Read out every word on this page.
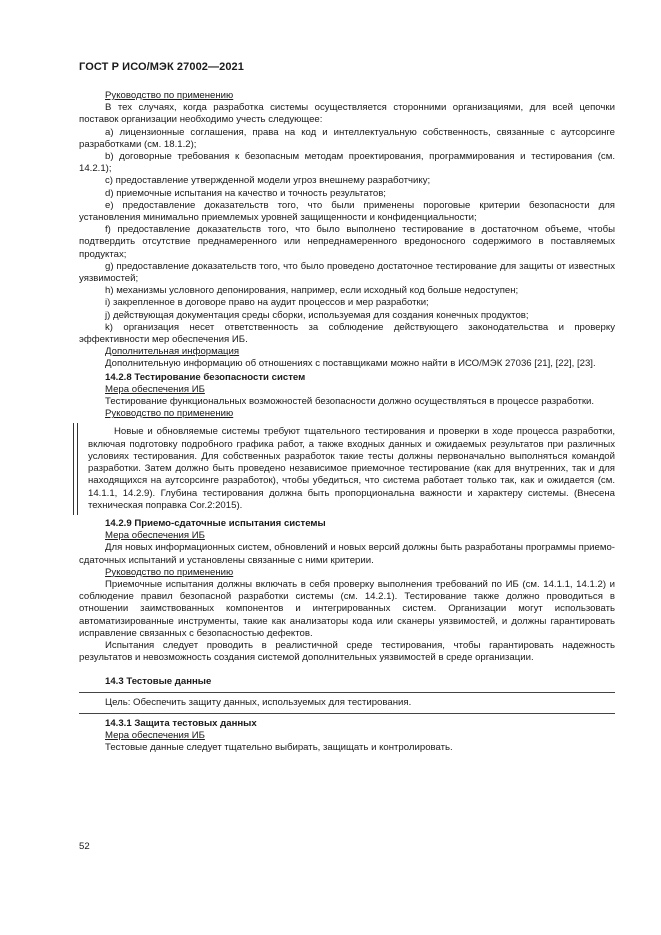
ГОСТ Р ИСО/МЭК 27002—2021

Руководство по применению

В тех случаях, когда разработка системы осуществляется сторонними организациями, для всей цепочки поставок организации необходимо учесть следующее:

a) лицензионные соглашения, права на код и интеллектуальную собственность, связанные с аутсорсинге разработками (см. 18.1.2);

b) договорные требования к безопасным методам проектирования, программирования и тестирования (см. 14.2.1);

c) предоставление утвержденной модели угроз внешнему разработчику;

d) приемочные испытания на качество и точность результатов;

e) предоставление доказательств того, что были применены пороговые критерии безопасности для установления минимально приемлемых уровней защищенности и конфиденциальности;

f) предоставление доказательств того, что было выполнено тестирование в достаточном объеме, чтобы подтвердить отсутствие преднамеренного или непреднамеренного вредоносного содержимого в поставляемых продуктах;

g) предоставление доказательств того, что было проведено достаточное тестирование для защиты от известных уязвимостей;

h) механизмы условного депонирования, например, если исходный код больше недоступен;

i) закрепленное в договоре право на аудит процессов и мер разработки;

j) действующая документация среды сборки, используемая для создания конечных продуктов;

k) организация несет ответственность за соблюдение действующего законодательства и проверку эффективности мер обеспечения ИБ.

Дополнительная информация

Дополнительную информацию об отношениях с поставщиками можно найти в ИСО/МЭК 27036 [21], [22], [23].

14.2.8 Тестирование безопасности систем

Мера обеспечения ИБ

Тестирование функциональных возможностей безопасности должно осуществляться в процессе разработки.

Руководство по применению

Новые и обновляемые системы требуют тщательного тестирования и проверки в ходе процесса разработки, включая подготовку подробного графика работ, а также входных данных и ожидаемых результатов при различных условиях тестирования. Для собственных разработок такие тесты должны первоначально выполняться командой разработки. Затем должно быть проведено независимое приемочное тестирование (как для внутренних, так и для находящихся на аутсорсинге разработок), чтобы убедиться, что система работает только так, как и ожидается (см. 14.1.1, 14.2.9). Глубина тестирования должна быть пропорциональна важности и характеру системы. (Внесена техническая поправка Cor.2:2015).

14.2.9 Приемо-сдаточные испытания системы

Мера обеспечения ИБ

Для новых информационных систем, обновлений и новых версий должны быть разработаны программы приемо-сдаточных испытаний и установлены связанные с ними критерии.

Руководство по применению

Приемочные испытания должны включать в себя проверку выполнения требований по ИБ (см. 14.1.1, 14.1.2) и соблюдение правил безопасной разработки системы (см. 14.2.1). Тестирование также должно проводиться в отношении заимствованных компонентов и интегрированных систем. Организации могут использовать автоматизированные инструменты, такие как анализаторы кода или сканеры уязвимостей, и должны гарантировать исправление связанных с безопасностью дефектов.

Испытания следует проводить в реалистичной среде тестирования, чтобы гарантировать надежность результатов и невозможность создания системой дополнительных уязвимостей в среде организации.

14.3 Тестовые данные

Цель: Обеспечить защиту данных, используемых для тестирования.

14.3.1 Защита тестовых данных

Мера обеспечения ИБ

Тестовые данные следует тщательно выбирать, защищать и контролировать.

52
